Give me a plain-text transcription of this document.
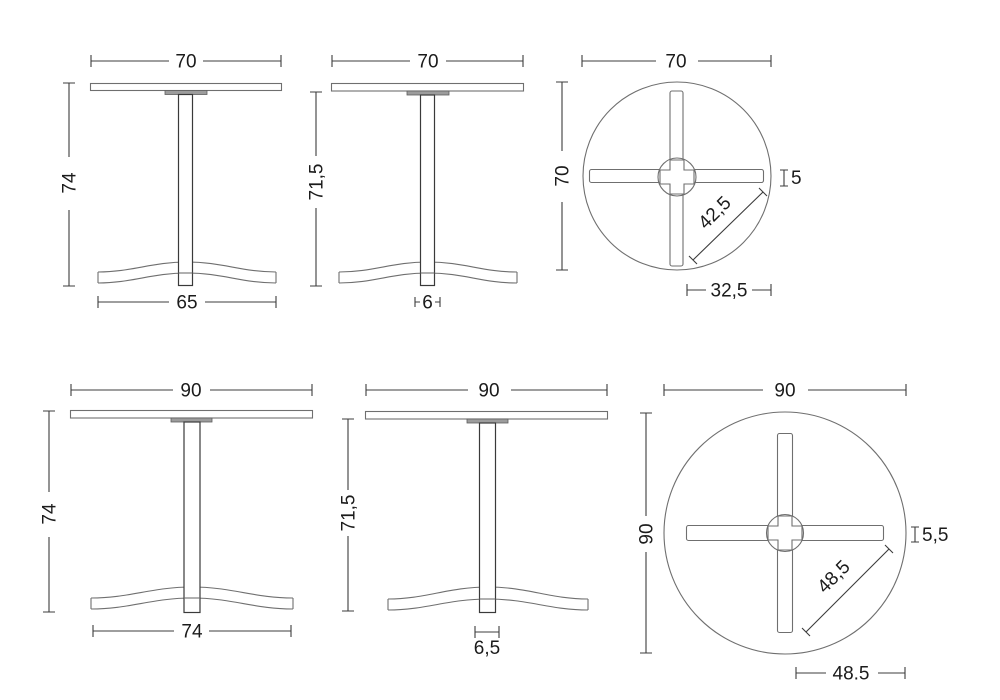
70
74
65
70
71,5
6
70
70	5
42,5
32,5
90
74
74
90
71,5
6,5
90
90	5,5
48,5
48.5
